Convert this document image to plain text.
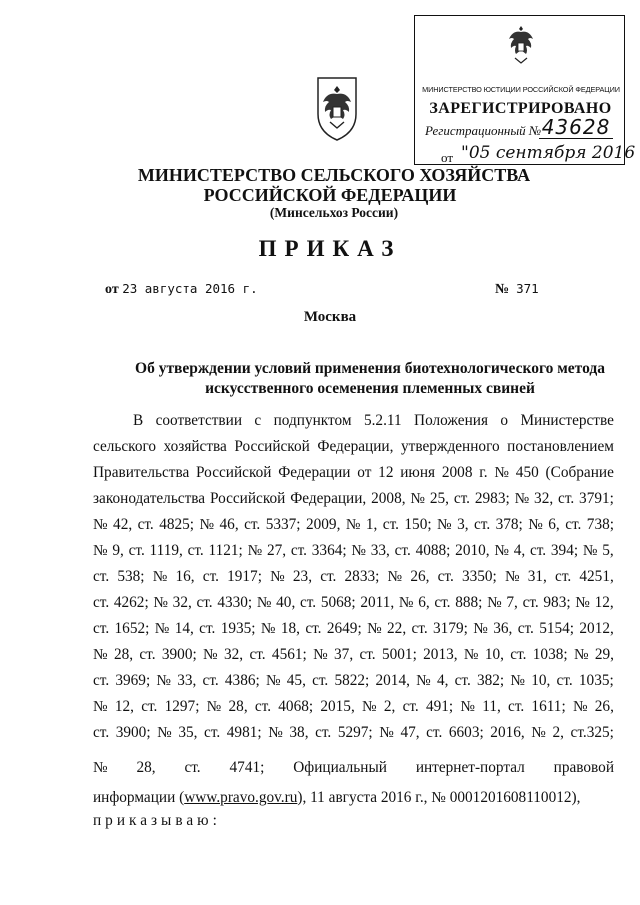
МИНИСТЕРСТВО ЮСТИЦИИ РОССИЙСКОЙ ФЕДЕРАЦИИ
ЗАРЕГИСТРИРОВАНО
Регистрационный № 43628
от "05 сентября 2016
МИНИСТЕРСТВО СЕЛЬСКОГО ХОЗЯЙСТВА
РОССИЙСКОЙ ФЕДЕРАЦИИ
(Минсельхоз России)
ПРИКАЗ
от 23 августа 2016 г.	№ 371
Москва
Об утверждении условий применения биотехнологического метода
искусственного осеменения племенных свиней
В соответствии с подпунктом 5.2.11 Положения о Министерстве
сельского хозяйства Российской Федерации, утвержденного постановлением
Правительства Российской Федерации от 12 июня 2008 г. № 450 (Собрание
законодательства Российской Федерации, 2008, № 25, ст. 2983; № 32, ст. 3791;
№ 42, ст. 4825; № 46, ст. 5337; 2009, № 1, ст. 150; № 3, ст. 378; № 6, ст. 738;
№ 9, ст. 1119, ст. 1121; № 27, ст. 3364; № 33, ст. 4088; 2010, № 4, ст. 394; № 5,
ст. 538; № 16, ст. 1917; № 23, ст. 2833; № 26, ст. 3350; № 31, ст. 4251,
ст. 4262; № 32, ст. 4330; № 40, ст. 5068; 2011, № 6, ст. 888; № 7, ст. 983; № 12,
ст. 1652; № 14, ст. 1935; № 18, ст. 2649; № 22, ст. 3179; № 36, ст. 5154; 2012,
№ 28, ст. 3900; № 32, ст. 4561; № 37, ст. 5001; 2013, № 10, ст. 1038; № 29,
ст. 3969; № 33, ст. 4386; № 45, ст. 5822; 2014, № 4, ст. 382; № 10, ст. 1035;
№ 12, ст. 1297; № 28, ст. 4068; 2015, № 2, ст. 491; № 11, ст. 1611; № 26,
ст. 3900; № 35, ст. 4981; № 38, ст. 5297; № 47, ст. 6603; 2016, № 2, ст.325;
№ 28, ст. 4741; Официальный интернет-портал правовой
информации ( www.pravo.gov.ru ), 11 августа 2016 г., № 0001201608110012),
приказываю:
